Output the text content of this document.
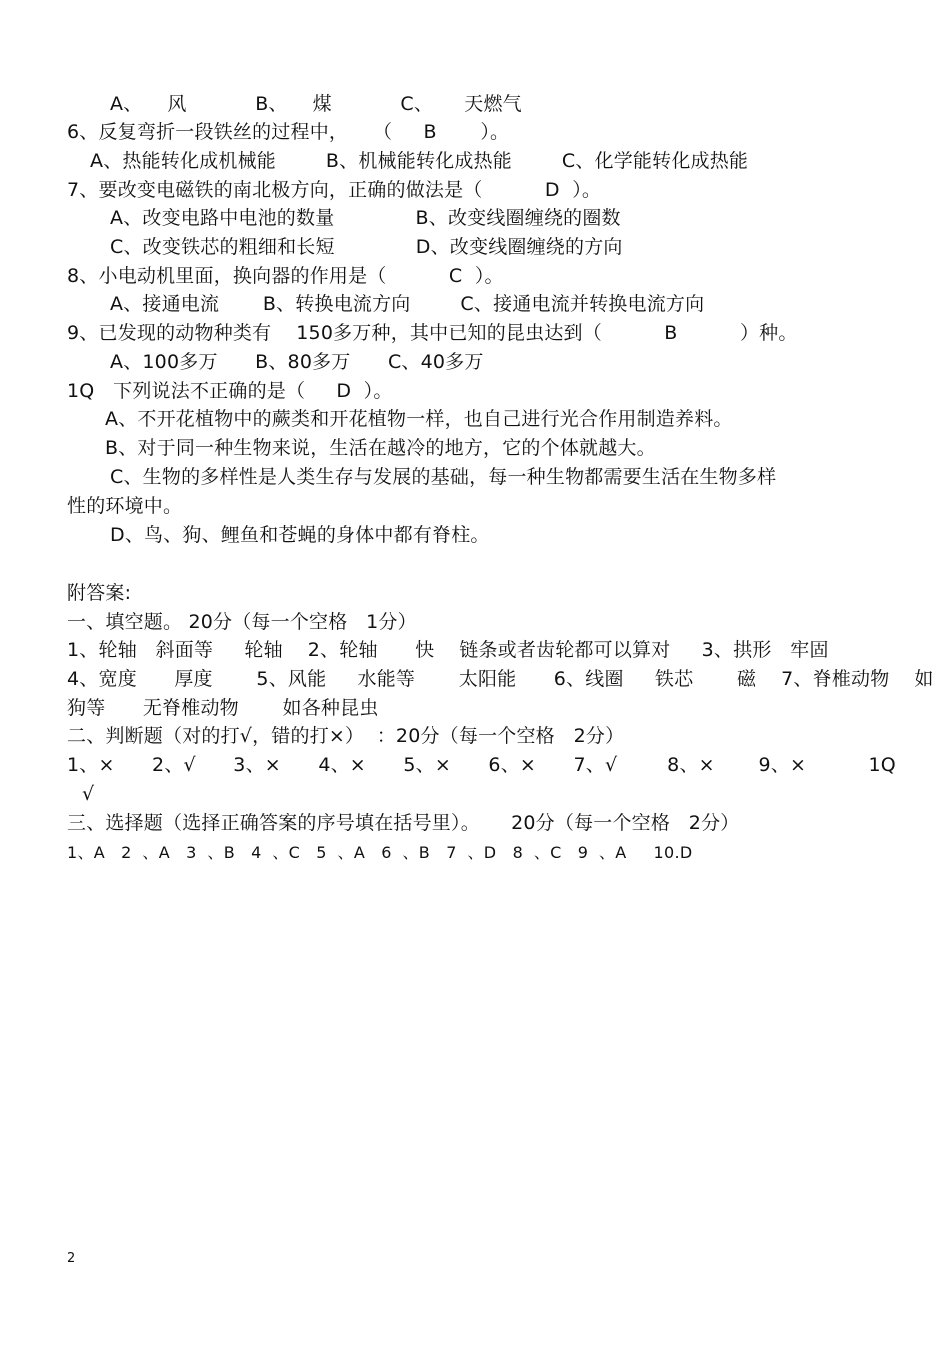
A、    风           B、    煤           C、     天燃气
6、反复弯折一段铁丝的过程中，    （     B       ）。
A、热能转化成机械能        B、机械能转化成热能        C、化学能转化成热能
7、要改变电磁铁的南北极方向，正确的做法是（          D  ）。
A、改变电路中电池的数量             B、改变线圈缠绕的圈数
C、改变铁芯的粗细和长短             D、改变线圈缠绕的方向
8、小电动机里面，换向器的作用是（          C  ）。
A、接通电流       B、转换电流方向        C、接通电流并转换电流方向
9、已发现的动物种类有    150多万种，其中已知的昆虫达到（          B          ）种。
A、100多万      B、80多万      C、40多万
1Q   下列说法不正确的是（     D  ）。
A、不开花植物中的蕨类和开花植物一样，也自己进行光合作用制造养料。
B、对于同一种生物来说，生活在越冷的地方，它的个体就越大。
C、生物的多样性是人类生存与发展的基础，每一种生物都需要生活在生物多样
性的环境中。
D、鸟、狗、鲤鱼和苍蝇的身体中都有脊柱。
附答案:
一、填空题。 20分（每一个空格   1分）
1、轮轴   斜面等     轮轴    2、轮轴      快    链条或者齿轮都可以算对     3、拱形   牢固
4、宽度      厚度       5、风能     水能等       太阳能      6、线圈     铁芯       磁    7、脊椎动物    如
狗等      无脊椎动物       如各种昆虫
二、判断题（对的打√，错的打×）  ：20分（每一个空格   2分）
1、×      2、√      3、×      4、×      5、×      6、×      7、√        8、×       9、×          1Q
√
三、选择题（选择正确答案的序号填在括号里）。     20分（每一个空格   2分）
1、A   2  、A   3  、B   4  、C   5  、A   6  、B   7  、D   8  、C   9  、A     10.D
2
